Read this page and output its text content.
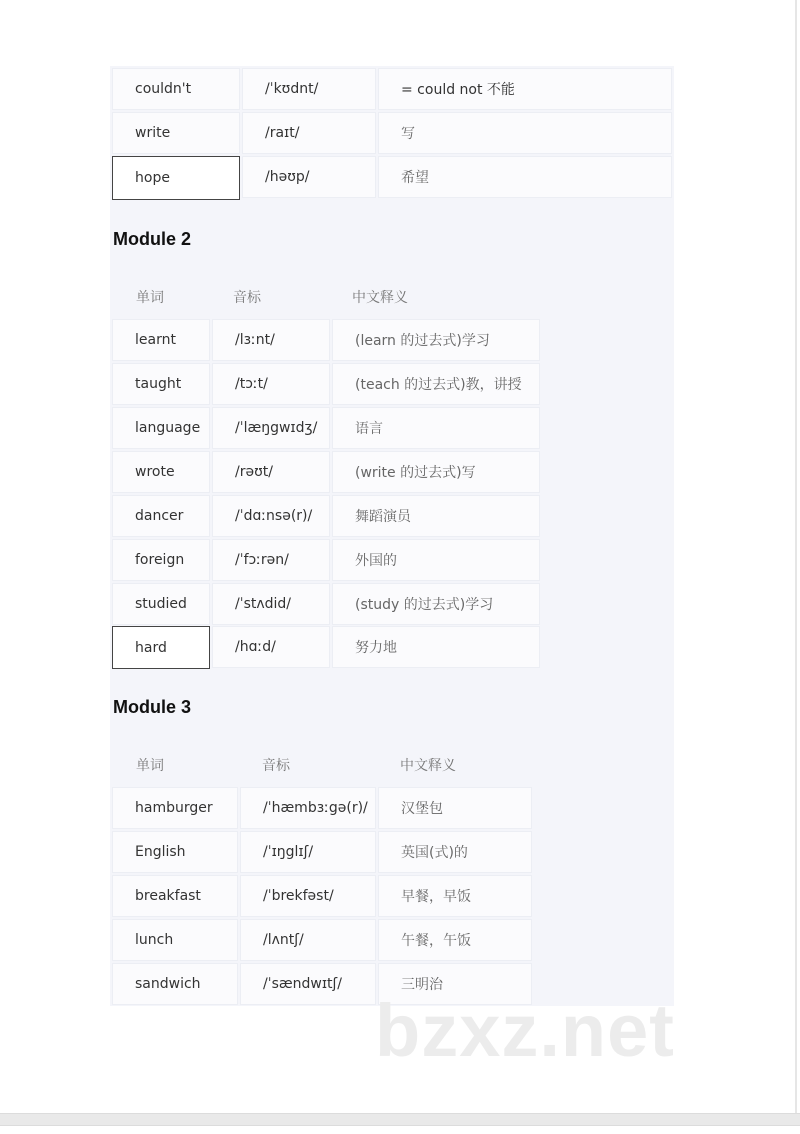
couldn't	/ˈkʊdnt/	= could not 不能
write	/raɪt/	写
hope	/həʊp/	希望
Module 2
单词	音标	中文释义
learnt	/lɜːnt/	(learn 的过去式)学习
taught	/tɔːt/	(teach 的过去式)教，讲授
language	/ˈlæŋgwɪdʒ/	语言
wrote	/rəʊt/	(write 的过去式)写
dancer	/ˈdɑːnsə(r)/	舞蹈演员
foreign	/ˈfɔːrən/	外国的
studied	/ˈstʌdid/	(study 的过去式)学习
hard	/hɑːd/	努力地
Module 3
单词	音标	中文释义
hamburger	/ˈhæmbɜːgə(r)/	汉堡包
English	/ˈɪŋglɪʃ/	英国(式)的
breakfast	/ˈbrekfəst/	早餐，早饭
lunch	/lʌntʃ/	午餐，午饭
sandwich	/ˈsændwɪtʃ/	三明治
bzxz.net
